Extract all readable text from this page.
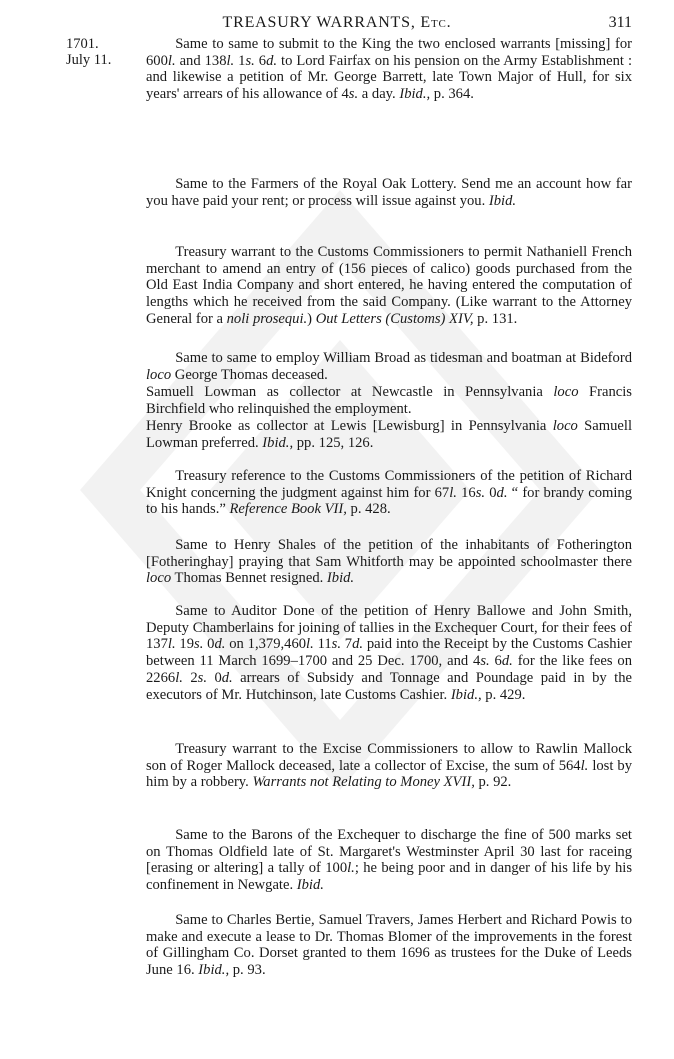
TREASURY WARRANTS, Etc.	311
1701.
July 11.

Same to same to submit to the King the two enclosed warrants [missing] for 600l. and 138l. 1s. 6d. to Lord Fairfax on his pension on the Army Establishment : and likewise a petition of Mr. George Barrett, late Town Major of Hull, for six years' arrears of his allowance of 4s. a day. Ibid., p. 364.

Same to the Farmers of the Royal Oak Lottery. Send me an account how far you have paid your rent; or process will issue against you. Ibid.

Treasury warrant to the Customs Commissioners to permit Nathaniell French merchant to amend an entry of (156 pieces of calico) goods purchased from the Old East India Company and short entered, he having entered the computation of lengths which he received from the said Company. (Like warrant to the Attorney General for a noli prosequi.) Out Letters (Customs) XIV, p. 131.

Same to same to employ William Broad as tidesman and boatman at Bideford loco George Thomas deceased.

Samuell Lowman as collector at Newcastle in Pennsylvania loco Francis Birchfield who relinquished the employment.

Henry Brooke as collector at Lewis [Lewisburg] in Pennsylvania loco Samuell Lowman preferred. Ibid., pp. 125, 126.

Treasury reference to the Customs Commissioners of the petition of Richard Knight concerning the judgment against him for 67l. 16s. 0d. “ for brandy coming to his hands.” Reference Book VII, p. 428.

Same to Henry Shales of the petition of the inhabitants of Fotherington [Fotheringhay] praying that Sam Whitforth may be appointed schoolmaster there loco Thomas Bennet resigned. Ibid.

Same to Auditor Done of the petition of Henry Ballowe and John Smith, Deputy Chamberlains for joining of tallies in the Exchequer Court, for their fees of 137l. 19s. 0d. on 1,379,460l. 11s. 7d. paid into the Receipt by the Customs Cashier between 11 March 1699–1700 and 25 Dec. 1700, and 4s. 6d. for the like fees on 2266l. 2s. 0d. arrears of Subsidy and Tonnage and Poundage paid in by the executors of Mr. Hutchinson, late Customs Cashier. Ibid., p. 429.

Treasury warrant to the Excise Commissioners to allow to Rawlin Mallock son of Roger Mallock deceased, late a collector of Excise, the sum of 564l. lost by him by a robbery. Warrants not Relating to Money XVII, p. 92.

Same to the Barons of the Exchequer to discharge the fine of 500 marks set on Thomas Oldfield late of St. Margaret's Westminster April 30 last for raceing [erasing or altering] a tally of 100l.; he being poor and in danger of his life by his confinement in Newgate. Ibid.

Same to Charles Bertie, Samuel Travers, James Herbert and Richard Powis to make and execute a lease to Dr. Thomas Blomer of the improvements in the forest of Gillingham Co. Dorset granted to them 1696 as trustees for the Duke of Leeds June 16. Ibid., p. 93.
